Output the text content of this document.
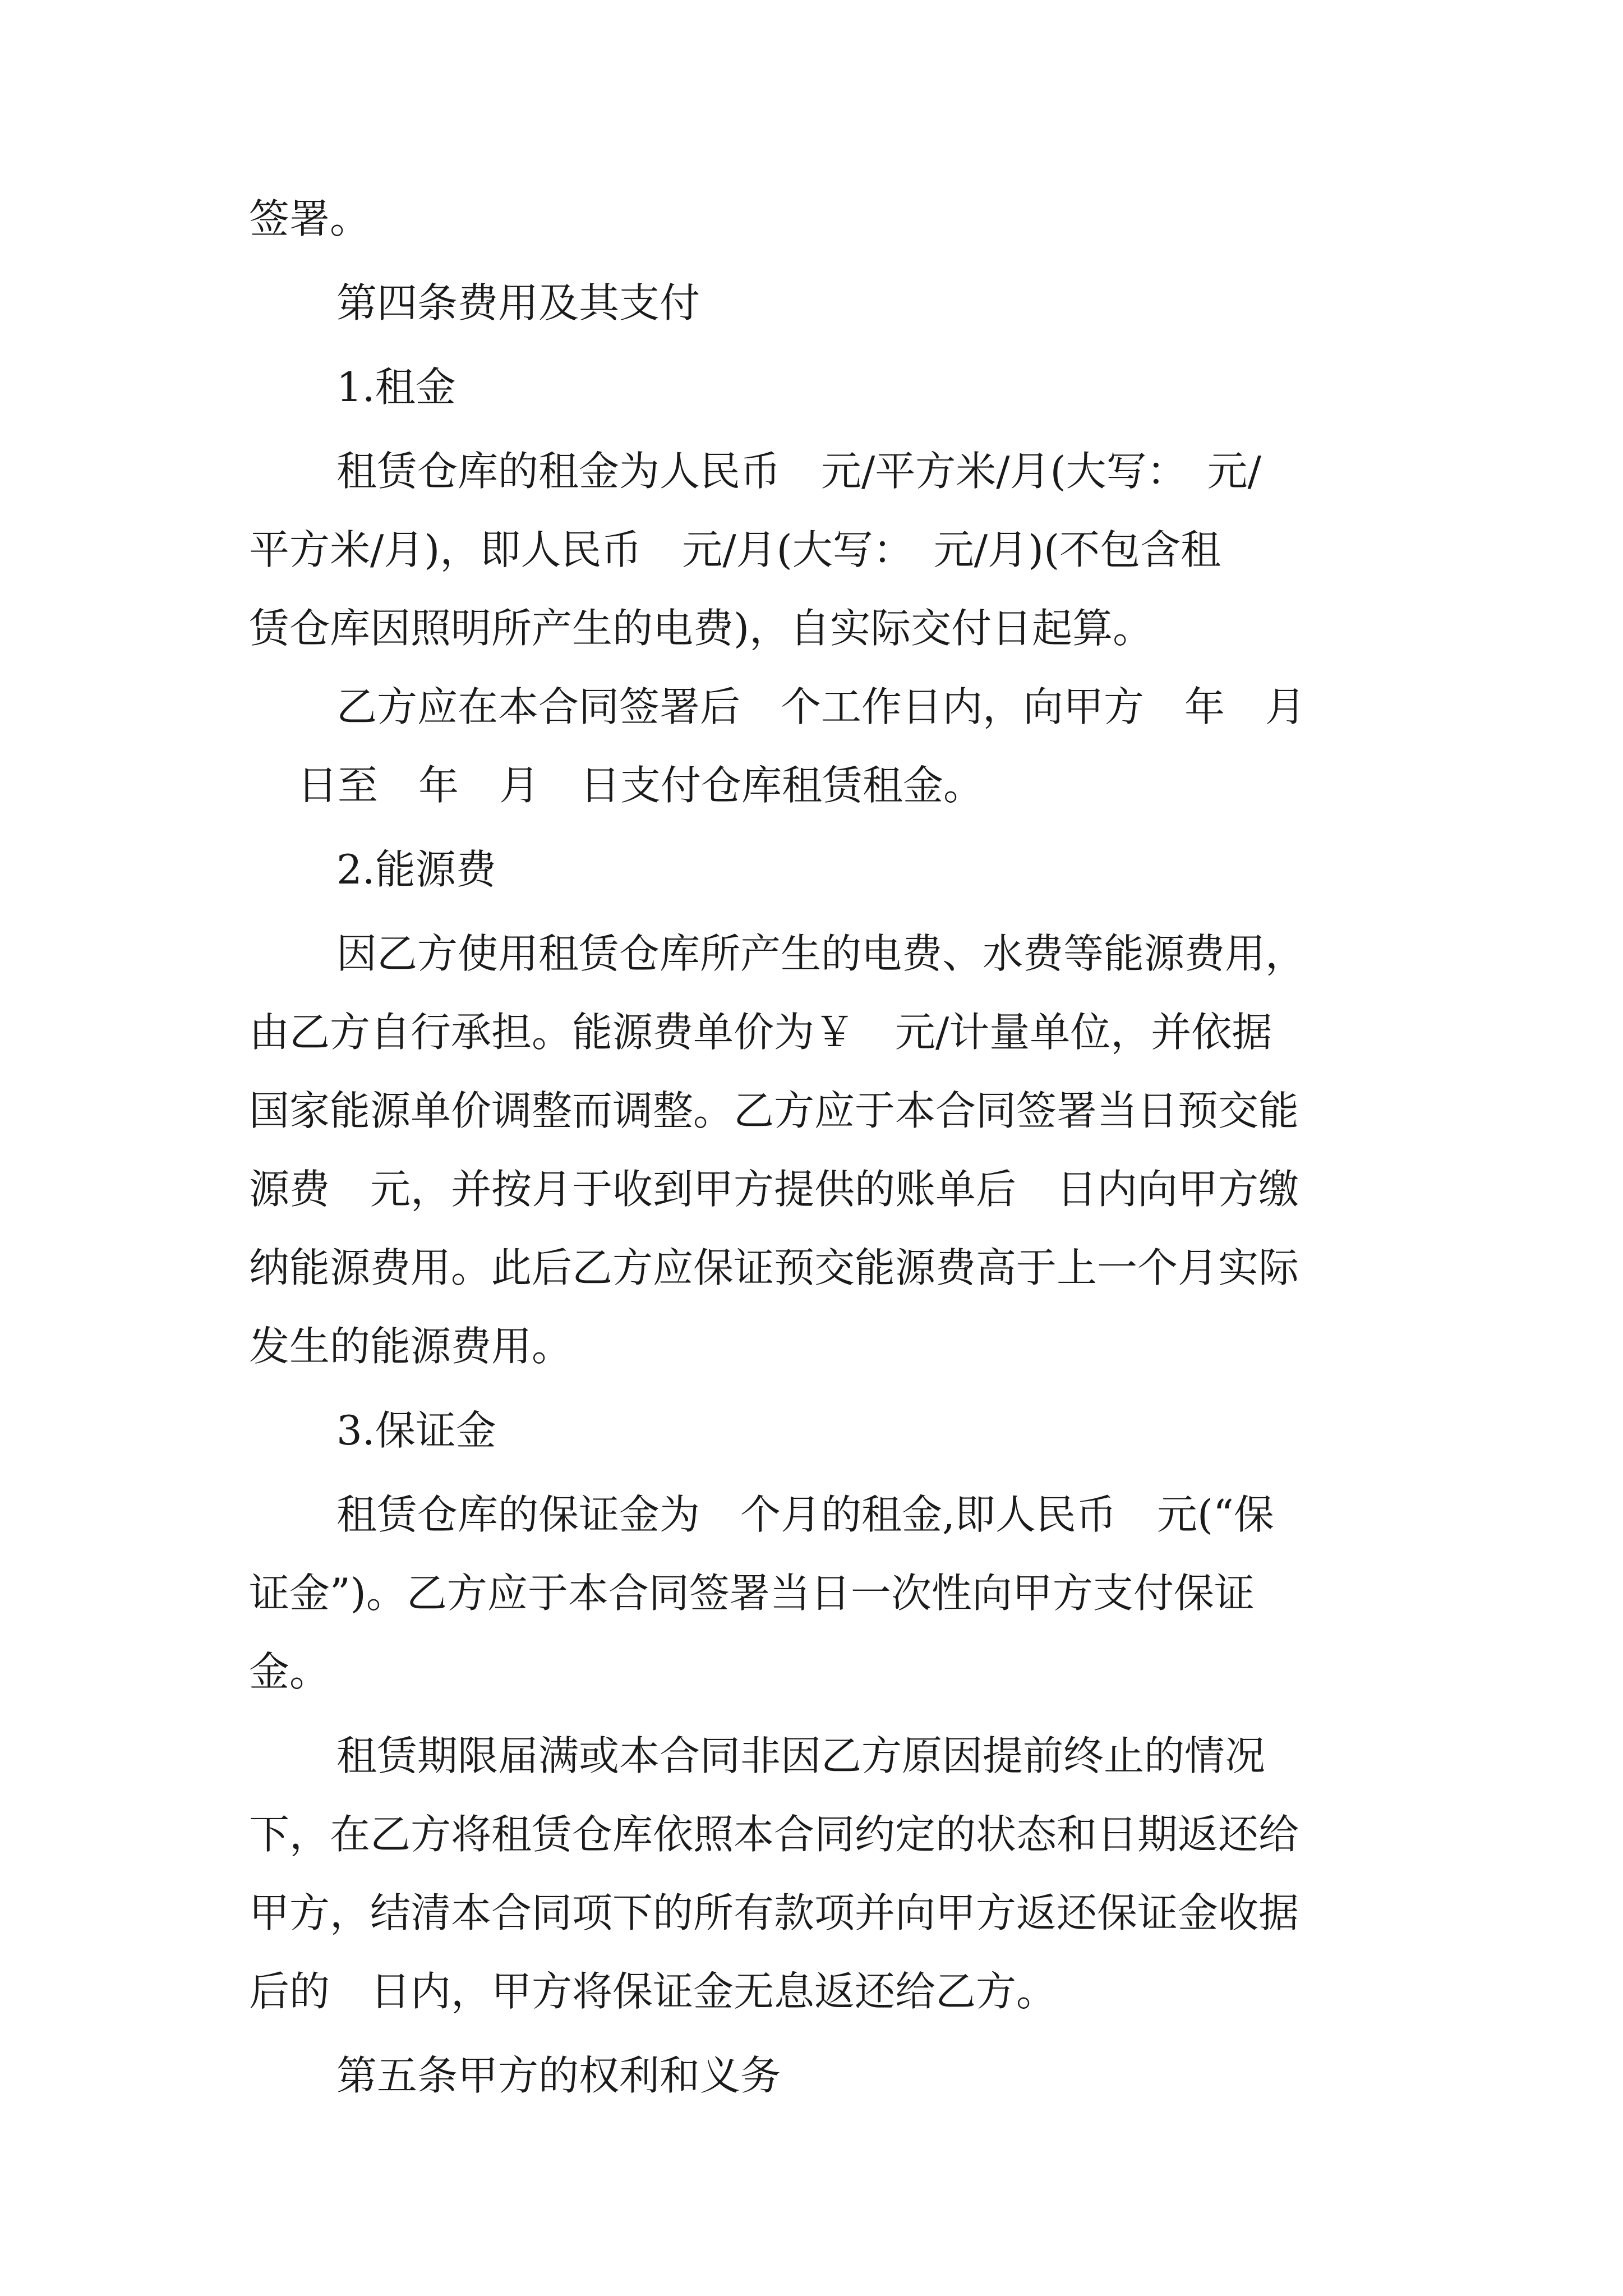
签署。
第四条费用及其支付
1.租金
租赁仓库的租金为人民币　元/平方米/月(大写：　元/
平方米/月)，即人民币　元/月(大写：　元/月)(不包含租
赁仓库因照明所产生的电费)，自实际交付日起算。
乙方应在本合同签署后　个工作日内，向甲方　年　月
日至　年　月　日支付仓库租赁租金。
2.能源费
因乙方使用租赁仓库所产生的电费、水费等能源费用，
由乙方自行承担。能源费单价为￥　元/计量单位，并依据
国家能源单价调整而调整。乙方应于本合同签署当日预交能
源费　元，并按月于收到甲方提供的账单后　日内向甲方缴
纳能源费用。此后乙方应保证预交能源费高于上一个月实际
发生的能源费用。
3.保证金
租赁仓库的保证金为　个月的租金,即人民币　元(“保
证金”)。乙方应于本合同签署当日一次性向甲方支付保证
金。
租赁期限届满或本合同非因乙方原因提前终止的情况
下，在乙方将租赁仓库依照本合同约定的状态和日期返还给
甲方，结清本合同项下的所有款项并向甲方返还保证金收据
后的　日内，甲方将保证金无息返还给乙方。
第五条甲方的权利和义务
